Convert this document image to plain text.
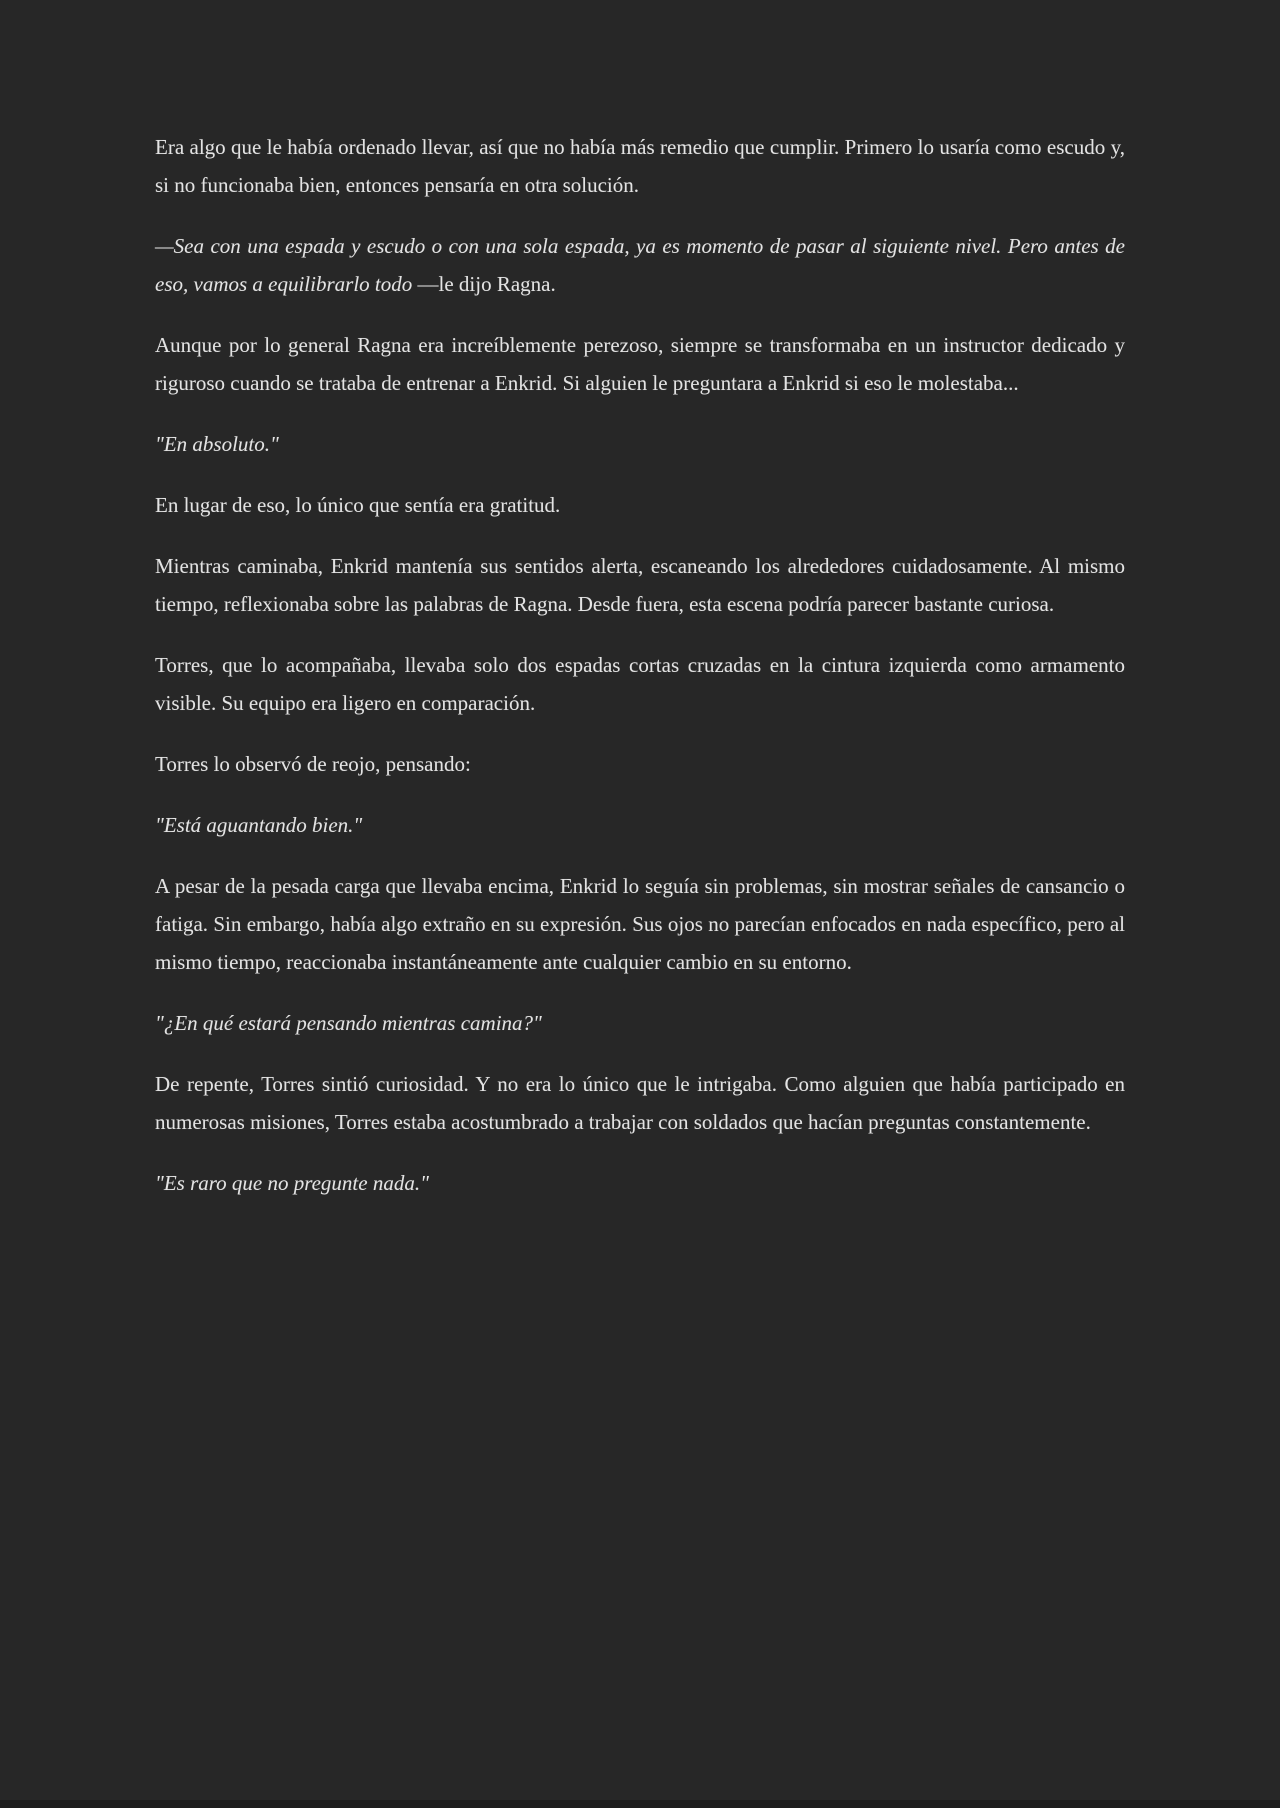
Era algo que le había ordenado llevar, así que no había más remedio que cumplir. Primero lo usaría como escudo y, si no funcionaba bien, entonces pensaría en otra solución.

—Sea con una espada y escudo o con una sola espada, ya es momento de pasar al siguiente nivel. Pero antes de eso, vamos a equilibrarlo todo —le dijo Ragna.

Aunque por lo general Ragna era increíblemente perezoso, siempre se transformaba en un instructor dedicado y riguroso cuando se trataba de entrenar a Enkrid. Si alguien le preguntara a Enkrid si eso le molestaba...

"En absoluto."

En lugar de eso, lo único que sentía era gratitud.

Mientras caminaba, Enkrid mantenía sus sentidos alerta, escaneando los alrededores cuidadosamente. Al mismo tiempo, reflexionaba sobre las palabras de Ragna. Desde fuera, esta escena podría parecer bastante curiosa.

Torres, que lo acompañaba, llevaba solo dos espadas cortas cruzadas en la cintura izquierda como armamento visible. Su equipo era ligero en comparación.

Torres lo observó de reojo, pensando:

"Está aguantando bien."

A pesar de la pesada carga que llevaba encima, Enkrid lo seguía sin problemas, sin mostrar señales de cansancio o fatiga. Sin embargo, había algo extraño en su expresión. Sus ojos no parecían enfocados en nada específico, pero al mismo tiempo, reaccionaba instantáneamente ante cualquier cambio en su entorno.

"¿En qué estará pensando mientras camina?"

De repente, Torres sintió curiosidad. Y no era lo único que le intrigaba. Como alguien que había participado en numerosas misiones, Torres estaba acostumbrado a trabajar con soldados que hacían preguntas constantemente.

"Es raro que no pregunte nada."
